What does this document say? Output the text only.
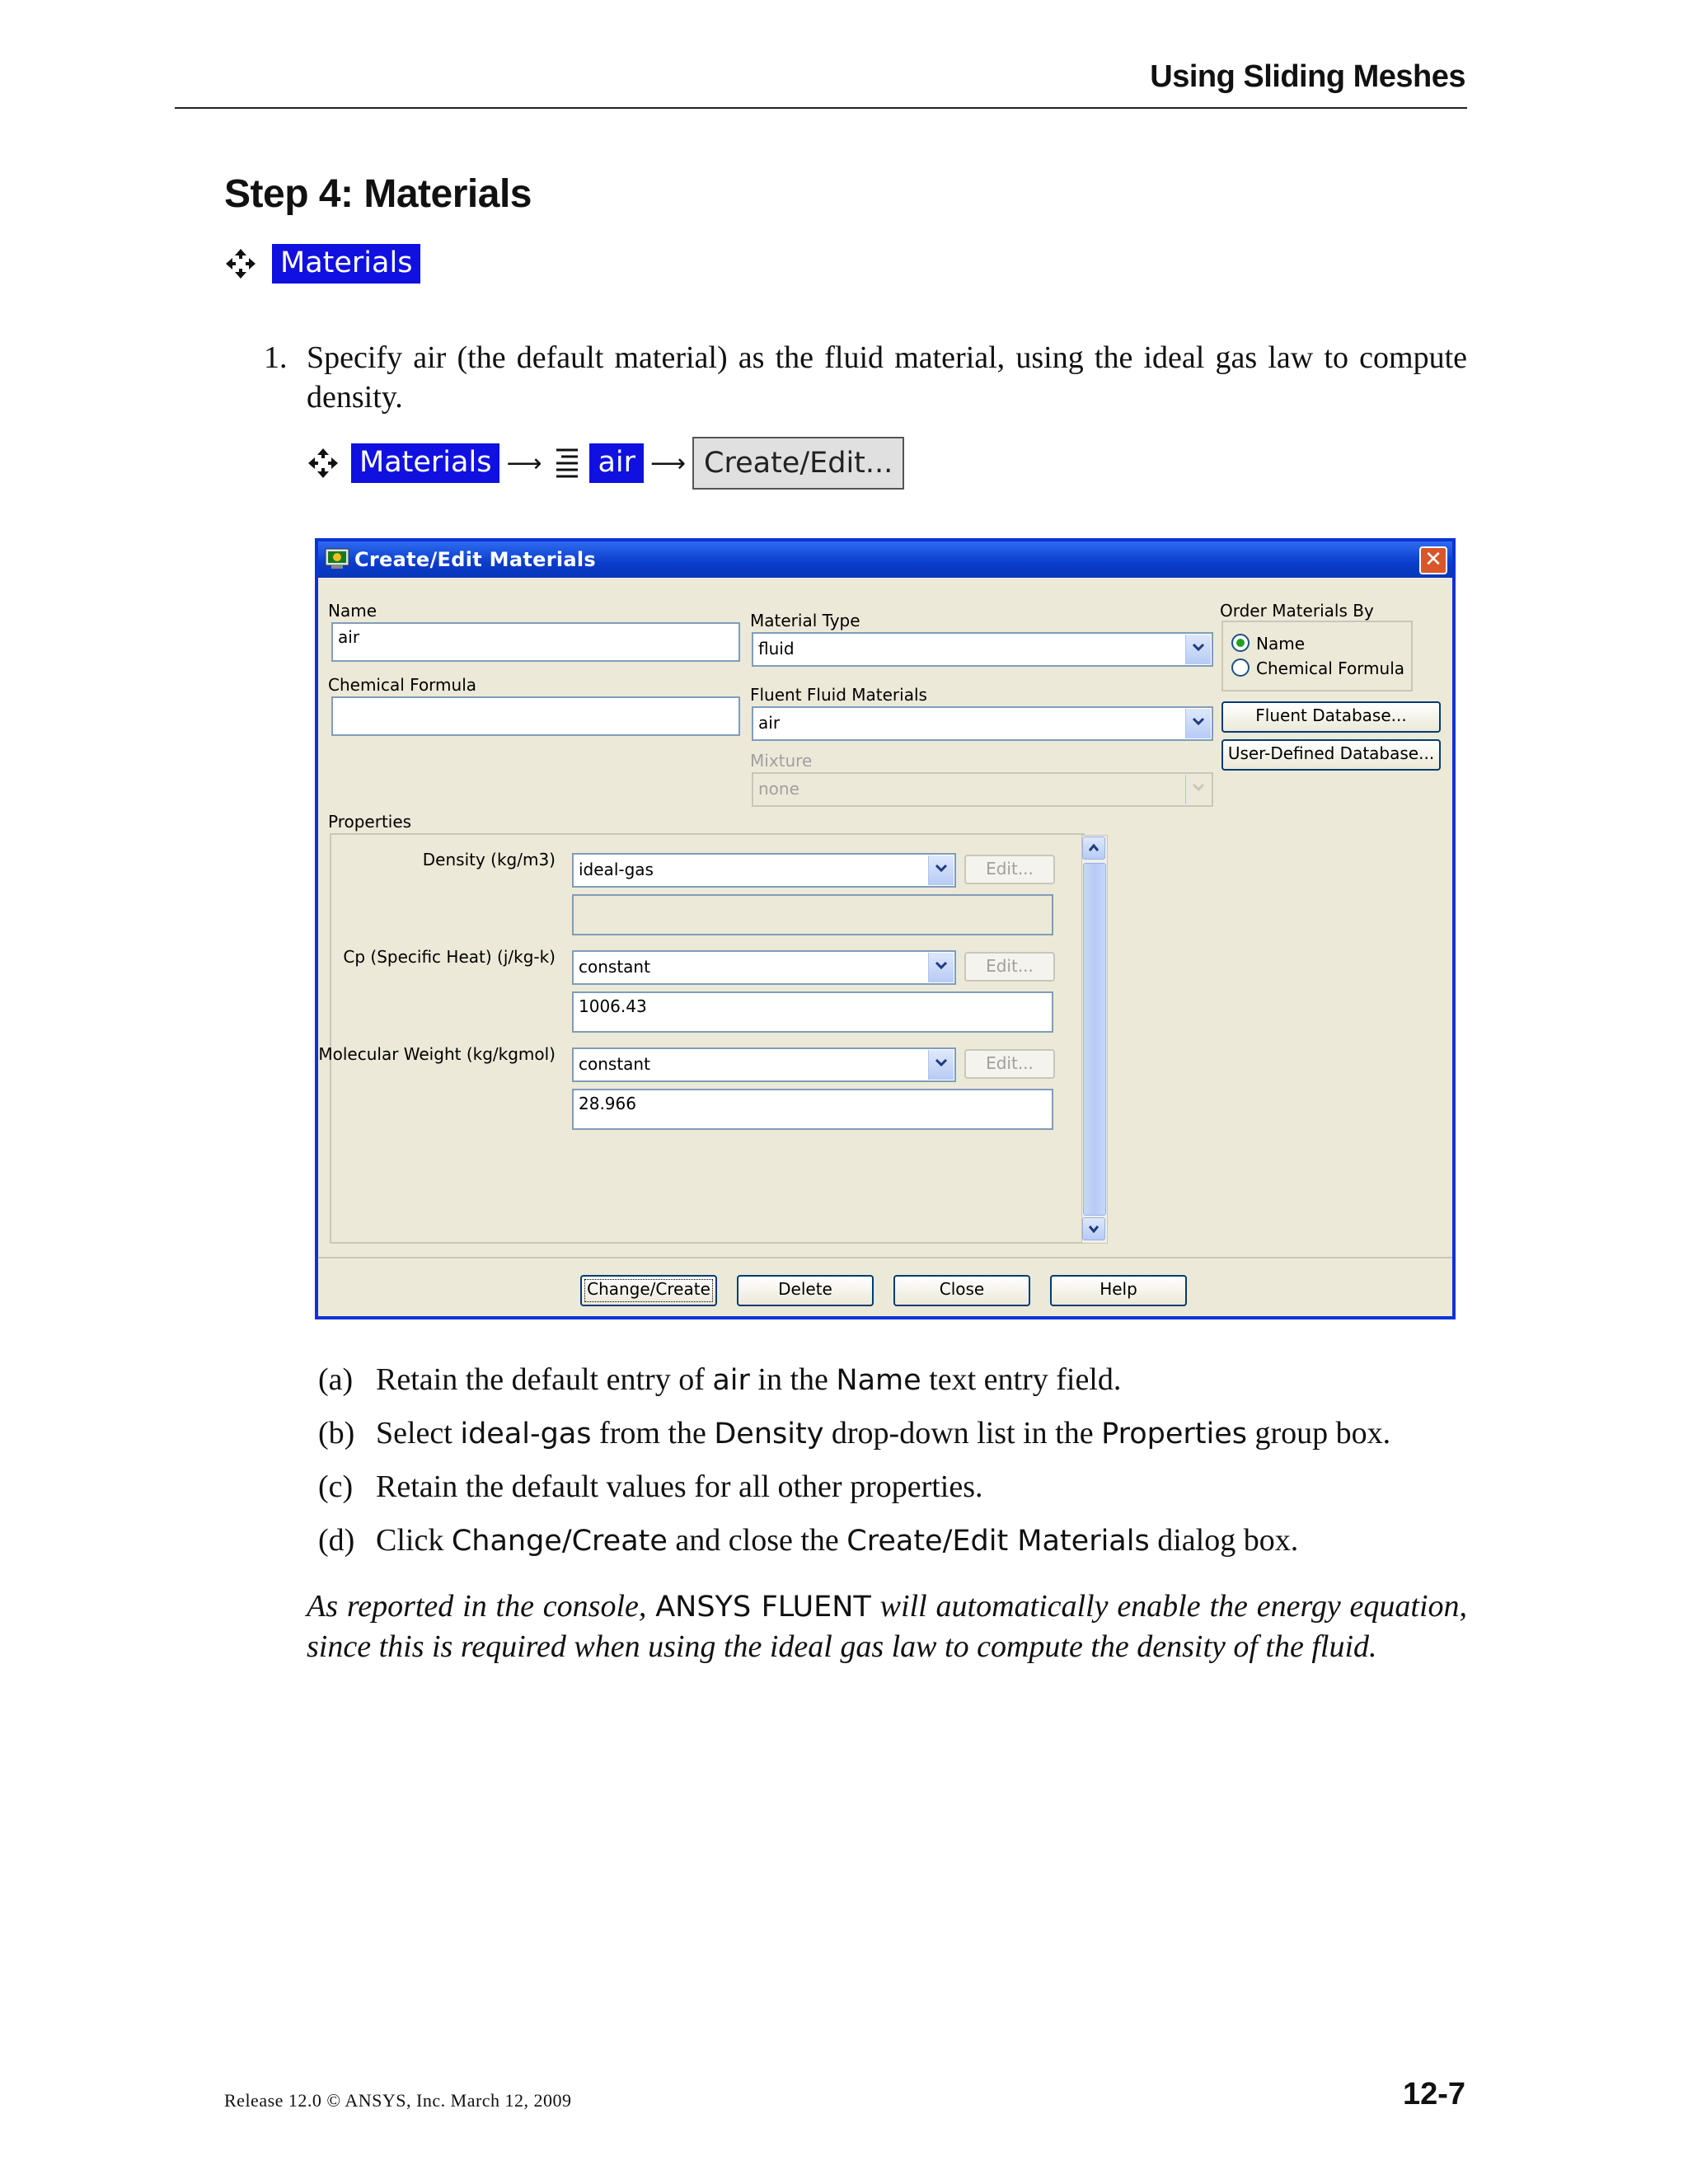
Using Sliding Meshes
Step 4: Materials
Materials
1. Specify air (the default material) as the fluid material, using the ideal gas law to compute density.
Materials ⟶ air ⟶ Create/Edit...
Create/Edit Materials	✕
Name
air
Chemical Formula
Material Type
fluid
Fluent Fluid Materials
air
Mixture
none
Order Materials By
Name
Chemical Formula
Fluent Database...
User-Defined Database...
Properties
Density (kg/m3)	ideal-gas	Edit...
Cp (Specific Heat) (j/kg-k)	constant	Edit...
1006.43
Molecular Weight (kg/kgmol)	constant	Edit...
28.966
Change/Create	Delete	Close	Help
(a) Retain the default entry of air in the Name text entry field.
(b) Select ideal-gas from the Density drop-down list in the Properties group box.
(c) Retain the default values for all other properties.
(d) Click Change/Create and close the Create/Edit Materials dialog box.
As reported in the console, ANSYS FLUENT will automatically enable the energy equation, since this is required when using the ideal gas law to compute the density of the fluid.
Release 12.0 © ANSYS, Inc. March 12, 2009	12-7
